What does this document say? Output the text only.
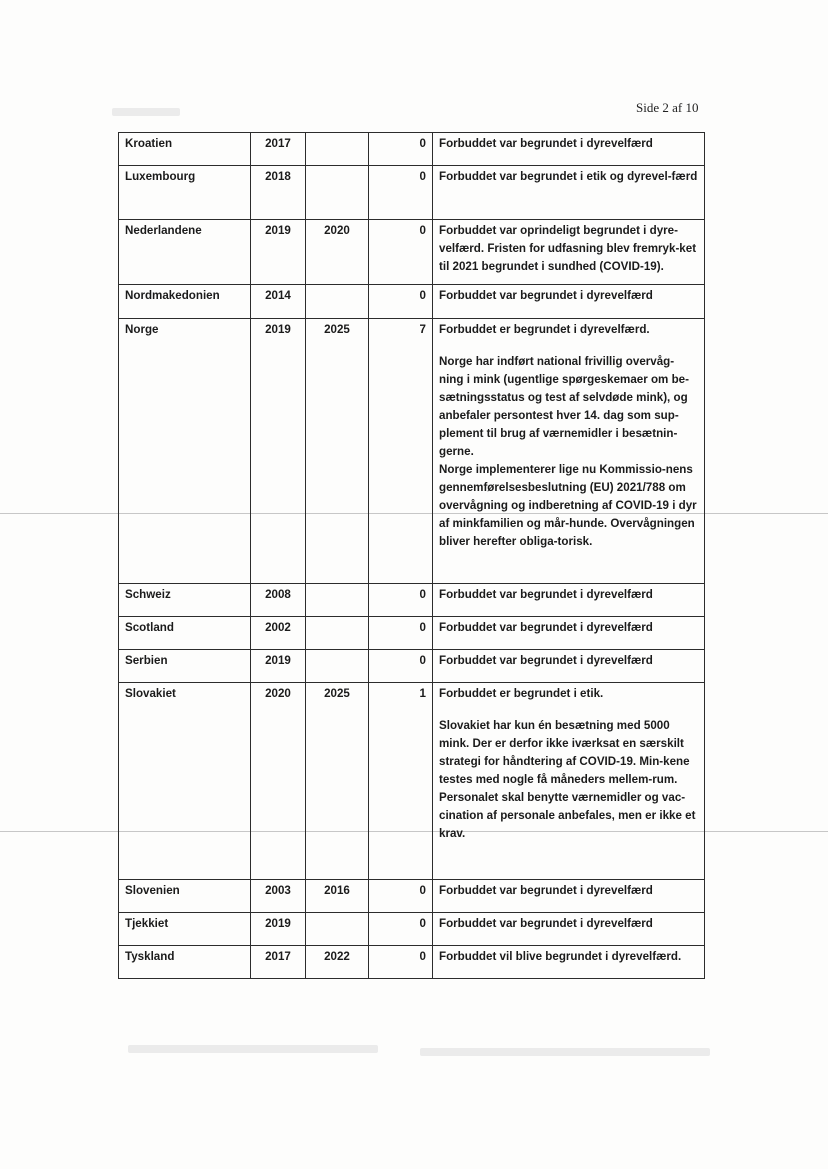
Side 2 af 10
Kroatien	2017		0	Forbuddet var begrundet i dyrevelfærd

Luxembourg	2018		0	Forbuddet var begrundet i etik og dyrevel-færd

Nederlandene	2019	2020	0	Forbuddet var oprindeligt begrundet i dyre-velfærd. Fristen for udfasning blev fremryk-ket til 2021 begrundet i sundhed (COVID-19).

Nordmakedonien	2014		0	Forbuddet var begrundet i dyrevelfærd

Norge	2019	2025	7	Forbuddet er begrundet i dyrevelfærd.

Norge har indført national frivillig overvåg-ning i mink (ugentlige spørgeskemaer om be-sætningsstatus og test af selvdøde mink), og anbefaler persontest hver 14. dag som sup-plement til brug af værnemidler i besætnin-gerne.

Norge implementerer lige nu Kommissio-nens gennemførelsesbeslutning (EU) 2021/788 om overvågning og indberetning af COVID-19 i dyr af minkfamilien og mår-hunde. Overvågningen bliver herefter obliga-torisk.

Schweiz	2008		0	Forbuddet var begrundet i dyrevelfærd

Scotland	2002		0	Forbuddet var begrundet i dyrevelfærd

Serbien	2019		0	Forbuddet var begrundet i dyrevelfærd

Slovakiet	2020	2025	1	Forbuddet er begrundet i etik.

Slovakiet har kun én besætning med 5000 mink. Der er derfor ikke iværksat en særskilt strategi for håndtering af COVID-19. Min-kene testes med nogle få måneders mellem-rum.

Personalet skal benytte værnemidler og vac-cination af personale anbefales, men er ikke et krav.

Slovenien	2003	2016	0	Forbuddet var begrundet i dyrevelfærd

Tjekkiet	2019		0	Forbuddet var begrundet i dyrevelfærd

Tyskland	2017	2022	0	Forbuddet vil blive begrundet i dyrevelfærd.
